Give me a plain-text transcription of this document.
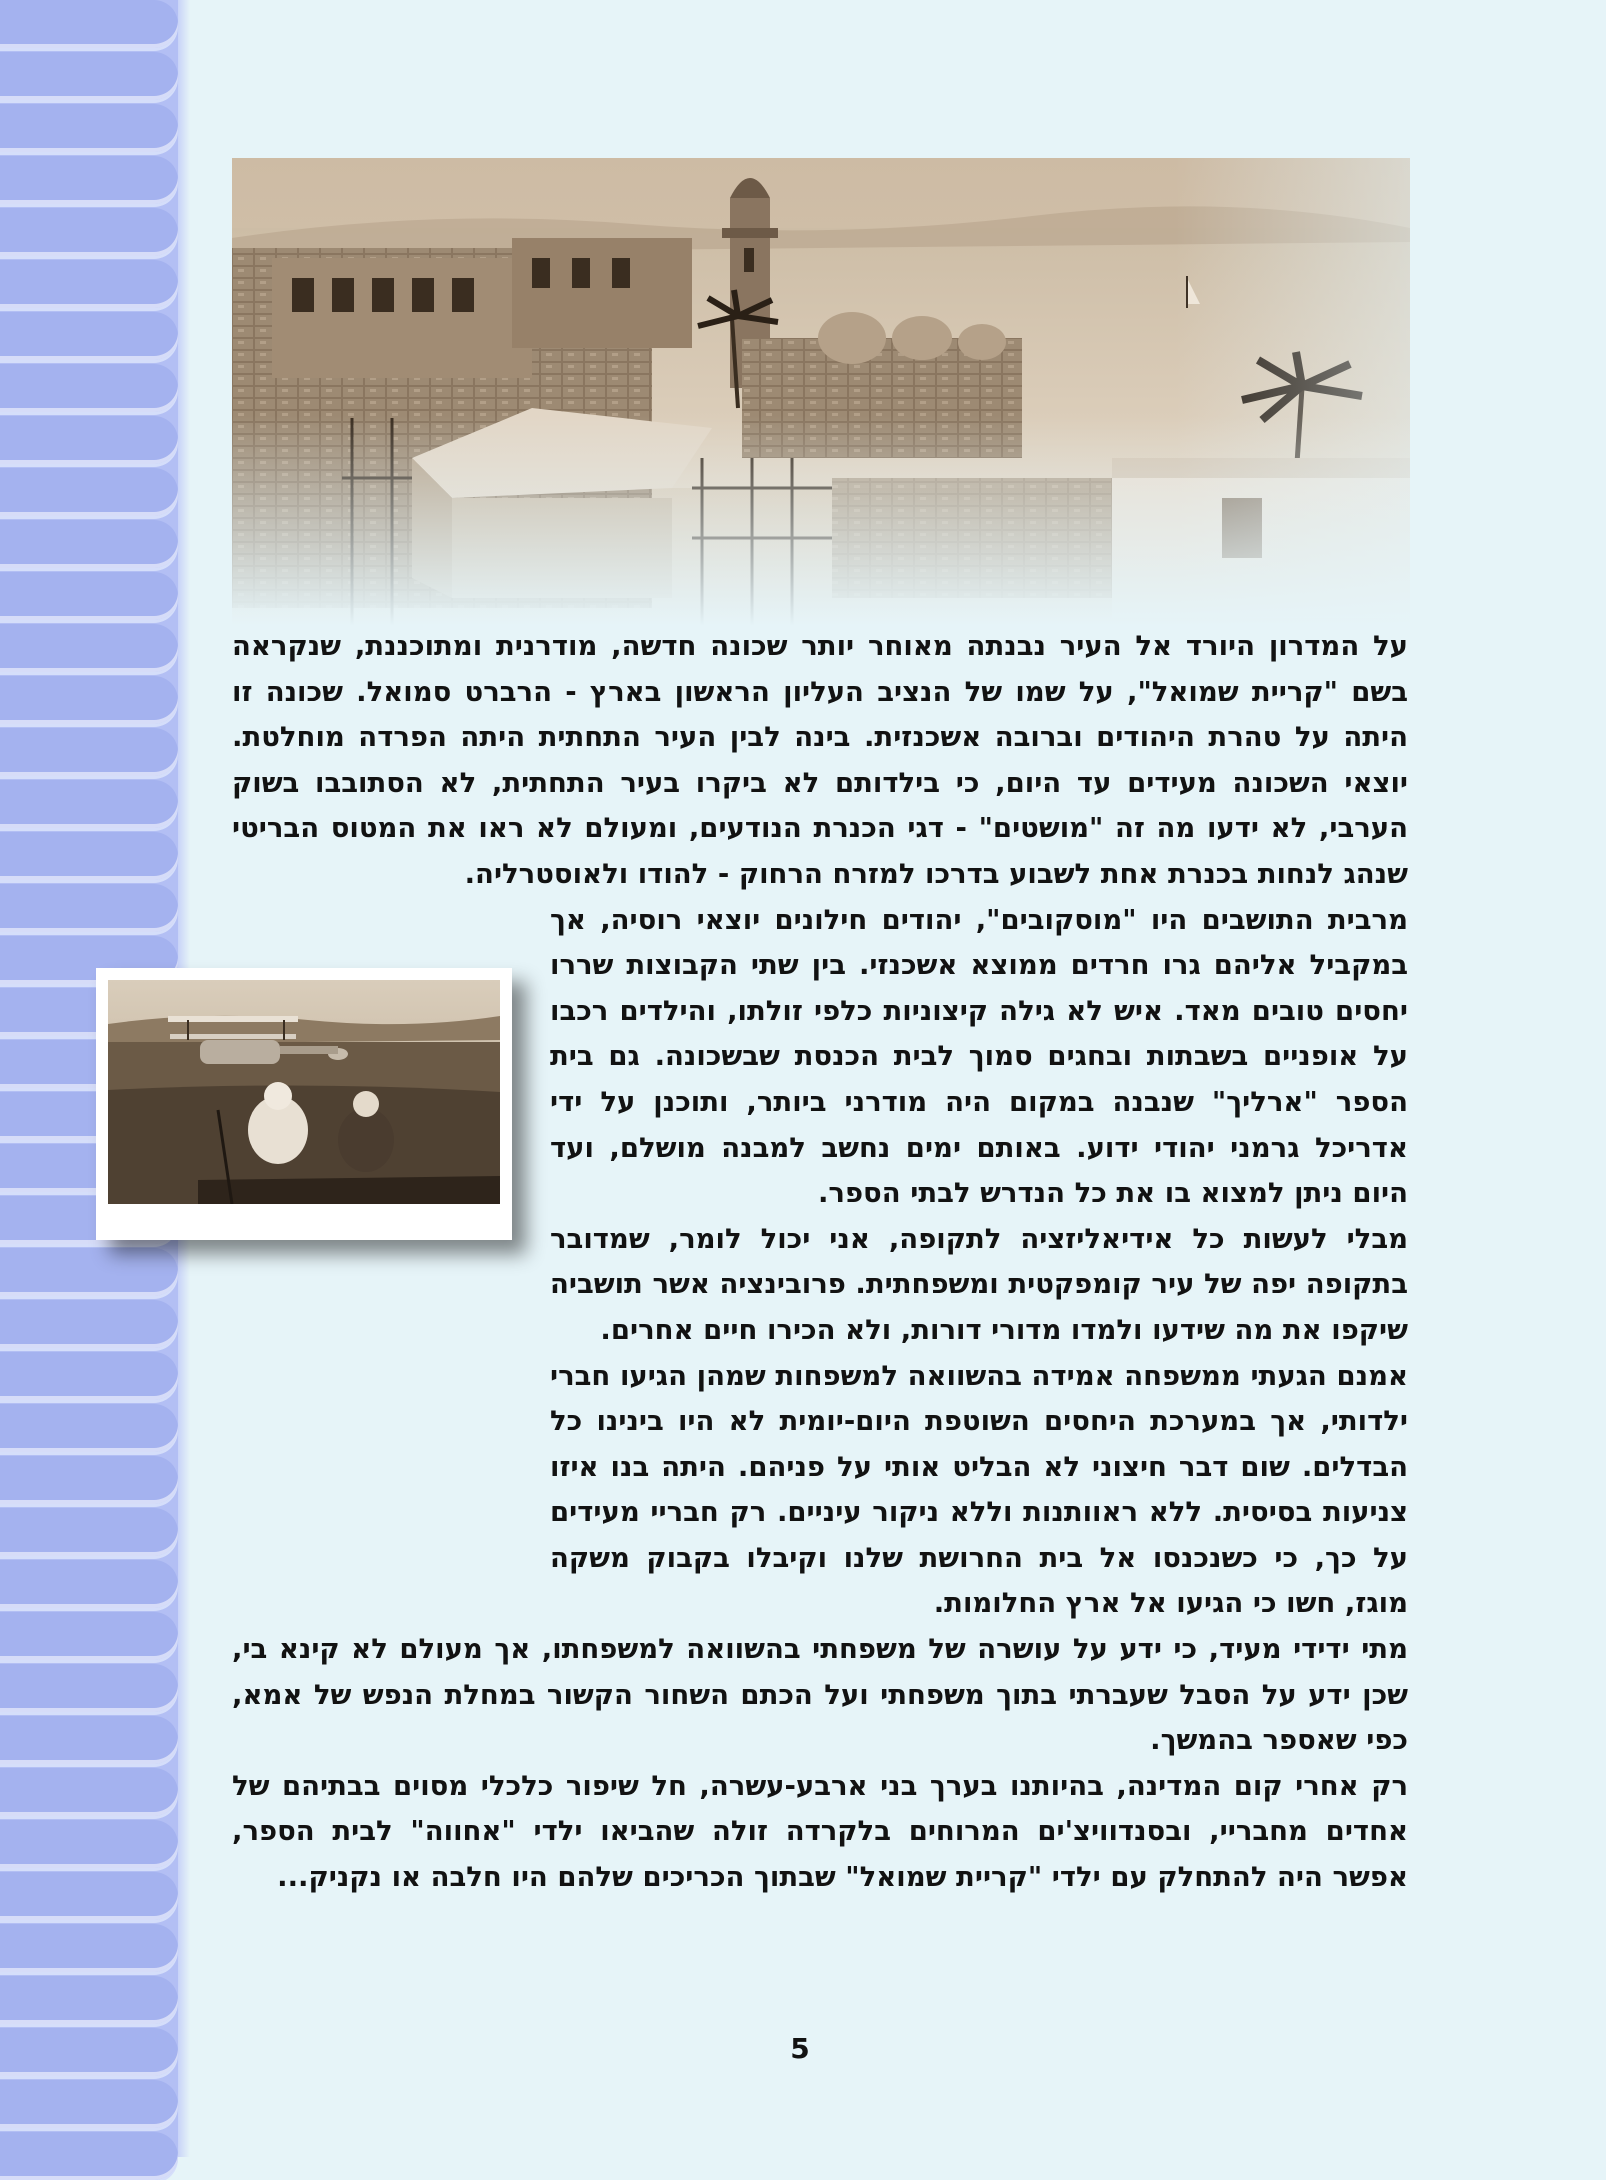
על המדרון היורד אל העיר נבנתה מאוחר יותר שכונה חדשה, מודרנית ומתוכננת, שנקראה בשם "קריית שמואל", על שמו של הנציב העליון הראשון בארץ - הרברט סמואל. שכונה זו היתה על טהרת היהודים וברובה אשכנזית. בינה לבין העיר התחתית היתה הפרדה מוחלטת. יוצאי השכונה מעידים עד היום, כי בילדותם לא ביקרו בעיר התחתית, לא הסתובבו בשוק הערבי, לא ידעו מה זה "מושטים" - דגי הכנרת הנודעים, ומעולם לא ראו את המטוס הבריטי שנהג לנחות בכנרת אחת לשבוע בדרכו למזרח הרחוק - להודו ולאוסטרליה.

מרבית התושבים היו "מוסקובים", יהודים חילונים יוצאי רוסיה, אך במקביל אליהם גרו חרדים ממוצא אשכנזי. בין שתי הקבוצות שררו יחסים טובים מאד. איש לא גילה קיצוניות כלפי זולתו, והילדים רכבו על אופניים בשבתות ובחגים סמוך לבית הכנסת שבשכונה. גם בית הספר "ארליך" שנבנה במקום היה מודרני ביותר, ותוכנן על ידי אדריכל גרמני יהודי ידוע. באותם ימים נחשב למבנה מושלם, ועד היום ניתן למצוא בו את כל הנדרש לבתי הספר.

מבלי לעשות כל אידיאליזציה לתקופה, אני יכול לומר, שמדובר בתקופה יפה של עיר קומפקטית ומשפחתית. פרובינציה אשר תושביה שיקפו את מה שידעו ולמדו מדורי דורות, ולא הכירו חיים אחרים.

אמנם הגעתי ממשפחה אמידה בהשוואה למשפחות שמהן הגיעו חברי ילדותי, אך במערכת היחסים השוטפת היום-יומית לא היו בינינו כל הבדלים. שום דבר חיצוני לא הבליט אותי על פניהם. היתה בנו איזו צניעות בסיסית. ללא ראוותנות וללא ניקור עיניים. רק חבריי מעידים על כך, כי כשנכנסו אל בית החרושת שלנו וקיבלו בקבוק משקה מוגז, חשו כי הגיעו אל ארץ החלומות.

מתי ידידי מעיד, כי ידע על עושרה של משפחתי בהשוואה למשפחתו, אך מעולם לא קינא בי, שכן ידע על הסבל שעברתי בתוך משפחתי ועל הכתם השחור הקשור במחלת הנפש של אמא, כפי שאספר בהמשך.

רק אחרי קום המדינה, בהיותנו בערך בני ארבע-עשרה, חל שיפור כלכלי מסוים בבתיהם של אחדים מחבריי, ובסנדוויצ'ים המרוחים בלקרדה זולה שהביאו ילדי "אחווה" לבית הספר, אפשר היה להתחלק עם ילדי "קריית שמואל" שבתוך הכריכים שלהם היו חלבה או נקניק...

5
